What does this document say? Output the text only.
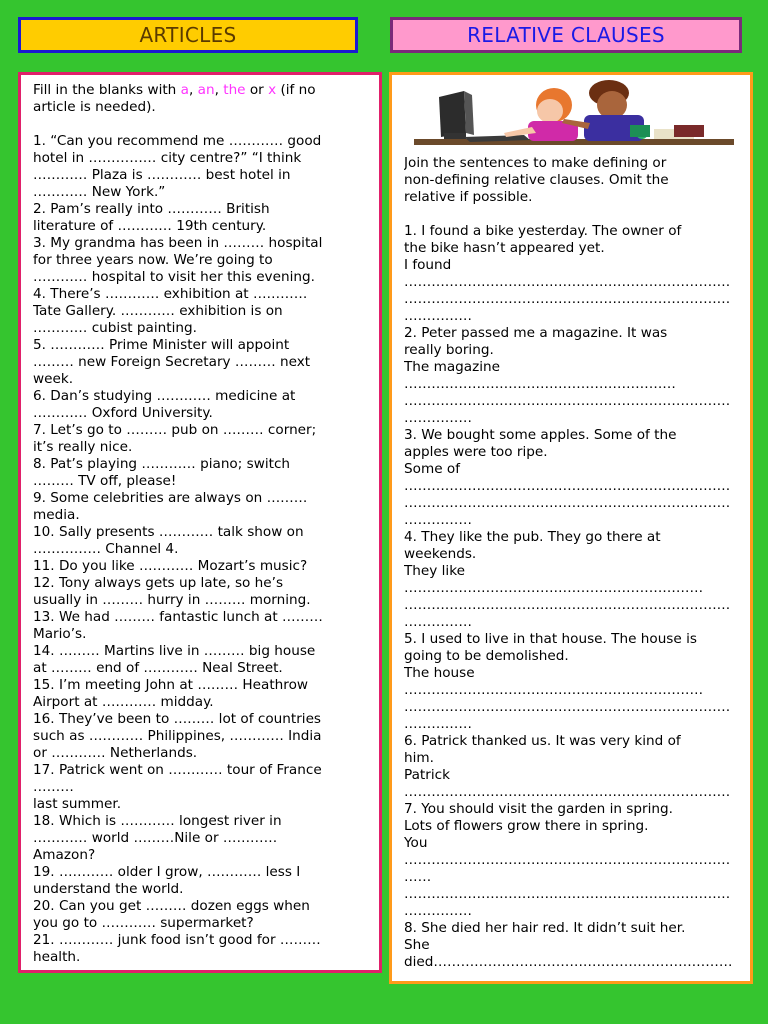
ARTICLES	RELATIVE CLAUSES
Fill in the blanks with a, an, the or x (if no
article is needed).
1. “Can you recommend me ………… good
hotel in …………… city centre?” “I think
………… Plaza is ………… best hotel in
………… New York.”
2. Pam’s really into ………… British
literature of ………… 19th century.
3. My grandma has been in ……… hospital
for three years now. We’re going to
………… hospital to visit her this evening.
4. There’s ………… exhibition at …………
Tate Gallery. ………… exhibition is on
………… cubist painting.
5. ………… Prime Minister will appoint
……… new Foreign Secretary ……… next
week.
6. Dan’s studying ………… medicine at
………… Oxford University.
7. Let’s go to ……… pub on ……… corner;
it’s really nice.
8. Pat’s playing ………… piano; switch
……… TV off, please!
9. Some celebrities are always on ………
media.
10. Sally presents ………… talk show on
…………… Channel 4.
11. Do you like ………… Mozart’s music?
12. Tony always gets up late, so he’s
usually in ……… hurry in ……… morning.
13. We had ……… fantastic lunch at ………
Mario’s.
14. ……… Martins live in ……… big house
at ……… end of ………… Neal Street.
15. I’m meeting John at ……… Heathrow
Airport at ………… midday.
16. They’ve been to ……… lot of countries
such as ………… Philippines, ………… India
or ………… Netherlands.
17. Patrick went on ………… tour of France
………
last summer.
18. Which is ………… longest river in
………… world ………Nile or …………
Amazon?
19. ………… older I grow, ………… less I
understand the world.
20. Can you get ……… dozen eggs when
you go to ………… supermarket?
21. ………… junk food isn’t good for ………
health.
Join the sentences to make defining or
non-defining relative clauses. Omit the
relative if possible.
1. I found a bike yesterday. The owner of
the bike hasn’t appeared yet.
I found
………………………………………………………………
………………………………………………………………
……………
2. Peter passed me a magazine. It was
really boring.
The magazine
……………………………………………………
………………………………………………………………
……………
3. We bought some apples. Some of the
apples were too ripe.
Some of
………………………………………………………………
………………………………………………………………
……………
4. They like the pub. They go there at
weekends.
They like
…………………………………………………………
………………………………………………………………
……………
5. I used to live in that house. The house is
going to be demolished.
The house
…………………………………………………………
………………………………………………………………
……………
6. Patrick thanked us. It was very kind of
him.
Patrick
………………………………………………………………
7. You should visit the garden in spring.
Lots of flowers grow there in spring.
You
………………………………………………………………
……
………………………………………………………………
……………
8. She died her hair red. It didn’t suit her.
She
died…………………………………………………………
